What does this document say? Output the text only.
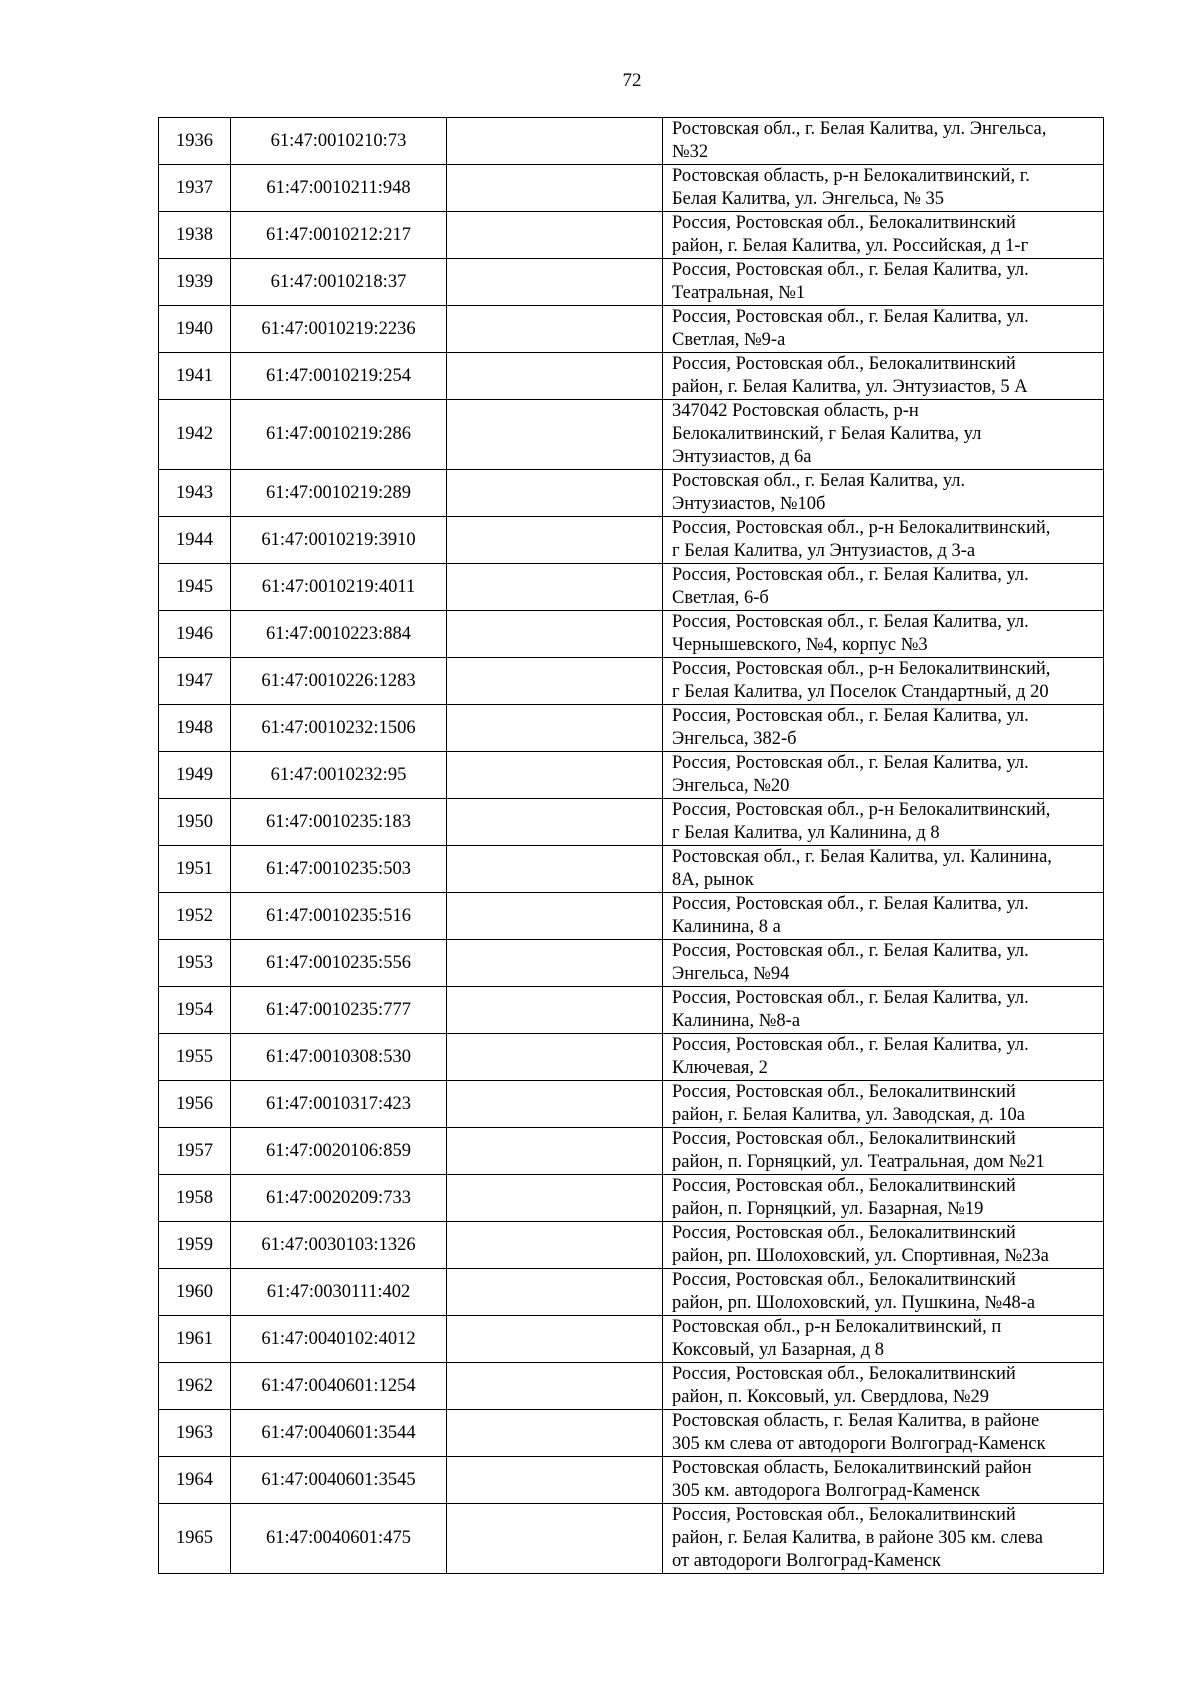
72
1936	61:47:0010210:73		Ростовская обл., г. Белая Калитва, ул. Энгельса,
№32

1937	61:47:0010211:948		Ростовская область, р-н Белокалитвинский, г.
Белая Калитва, ул. Энгельса, № 35

1938	61:47:0010212:217		Россия, Ростовская обл., Белокалитвинский
район, г. Белая Калитва, ул. Российская, д 1-г

1939	61:47:0010218:37		Россия, Ростовская обл., г. Белая Калитва, ул.
Театральная, №1

1940	61:47:0010219:2236		Россия, Ростовская обл., г. Белая Калитва, ул.
Светлая, №9-а

1941	61:47:0010219:254		Россия, Ростовская обл., Белокалитвинский
район, г. Белая Калитва, ул. Энтузиастов, 5 А

1942	61:47:0010219:286		347042 Ростовская область, р-н
Белокалитвинский, г Белая Калитва, ул
Энтузиастов, д 6а

1943	61:47:0010219:289		Ростовская обл., г. Белая Калитва, ул.
Энтузиастов, №10б

1944	61:47:0010219:3910		Россия, Ростовская обл., р-н Белокалитвинский,
г Белая Калитва, ул Энтузиастов, д 3-а

1945	61:47:0010219:4011		Россия, Ростовская обл., г. Белая Калитва, ул.
Светлая, 6-б

1946	61:47:0010223:884		Россия, Ростовская обл., г. Белая Калитва, ул.
Чернышевского, №4, корпус №3

1947	61:47:0010226:1283		Россия, Ростовская обл., р-н Белокалитвинский,
г Белая Калитва, ул Поселок Стандартный, д 20

1948	61:47:0010232:1506		Россия, Ростовская обл., г. Белая Калитва, ул.
Энгельса, 382-б

1949	61:47:0010232:95		Россия, Ростовская обл., г. Белая Калитва, ул.
Энгельса, №20

1950	61:47:0010235:183		Россия, Ростовская обл., р-н Белокалитвинский,
г Белая Калитва, ул Калинина, д 8

1951	61:47:0010235:503		Ростовская обл., г. Белая Калитва, ул. Калинина,
8А, рынок

1952	61:47:0010235:516		Россия, Ростовская обл., г. Белая Калитва, ул.
Калинина, 8 а

1953	61:47:0010235:556		Россия, Ростовская обл., г. Белая Калитва, ул.
Энгельса, №94

1954	61:47:0010235:777		Россия, Ростовская обл., г. Белая Калитва, ул.
Калинина, №8-а

1955	61:47:0010308:530		Россия, Ростовская обл., г. Белая Калитва, ул.
Ключевая, 2

1956	61:47:0010317:423		Россия, Ростовская обл., Белокалитвинский
район, г. Белая Калитва, ул. Заводская, д. 10а

1957	61:47:0020106:859		Россия, Ростовская обл., Белокалитвинский
район, п. Горняцкий, ул. Театральная, дом №21

1958	61:47:0020209:733		Россия, Ростовская обл., Белокалитвинский
район, п. Горняцкий, ул. Базарная, №19

1959	61:47:0030103:1326		Россия, Ростовская обл., Белокалитвинский
район, рп. Шолоховский, ул. Спортивная, №23а

1960	61:47:0030111:402		Россия, Ростовская обл., Белокалитвинский
район, рп. Шолоховский, ул. Пушкина, №48-а

1961	61:47:0040102:4012		Ростовская обл., р-н Белокалитвинский, п
Коксовый, ул Базарная, д 8

1962	61:47:0040601:1254		Россия, Ростовская обл., Белокалитвинский
район, п. Коксовый, ул. Свердлова, №29

1963	61:47:0040601:3544		Ростовская область, г. Белая Калитва, в районе
305 км слева от автодороги Волгоград-Каменск

1964	61:47:0040601:3545		Ростовская область, Белокалитвинский район
305 км. автодорога Волгоград-Каменск

1965	61:47:0040601:475		Россия, Ростовская обл., Белокалитвинский
район, г. Белая Калитва, в районе 305 км. слева
от автодороги Волгоград-Каменск
